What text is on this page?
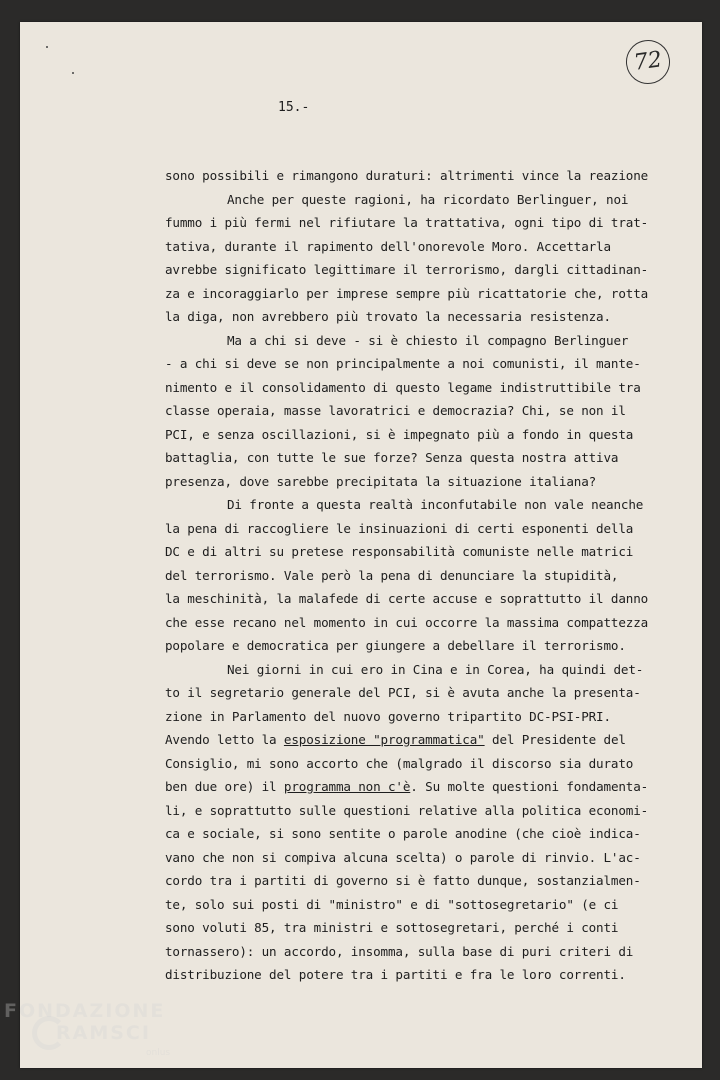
72
15.-
sono possibili e rimangono duraturi: altrimenti vince la reazione
Anche per queste ragioni, ha ricordato Berlinguer, noi
fummo i più fermi nel rifiutare la trattativa, ogni tipo di trat-
tativa, durante il rapimento dell'onorevole Moro. Accettarla
avrebbe significato legittimare il terrorismo, dargli cittadinan-
za e incoraggiarlo per imprese sempre più ricattatorie che, rotta
la diga, non avrebbero più trovato la necessaria resistenza.
Ma a chi si deve - si è chiesto il compagno Berlinguer
- a chi si deve se non principalmente a noi comunisti, il mante-
nimento e il consolidamento di questo legame indistruttibile tra
classe operaia, masse lavoratrici e democrazia? Chi, se non il
PCI, e senza oscillazioni, si è impegnato più a fondo in questa
battaglia, con tutte le sue forze? Senza questa nostra attiva
presenza, dove sarebbe precipitata la situazione italiana?
Di fronte a questa realtà inconfutabile non vale neanche
la pena di raccogliere le insinuazioni di certi esponenti della
DC e di altri su pretese responsabilità comuniste nelle matrici
del terrorismo. Vale però la pena di denunciare la stupidità,
la meschinità, la malafede di certe accuse e soprattutto il danno
che esse recano nel momento in cui occorre la massima compattezza
popolare e democratica per giungere a debellare il terrorismo.
Nei giorni in cui ero in Cina e in Corea, ha quindi det-
to il segretario generale del PCI, si è avuta anche la presenta-
zione in Parlamento del nuovo governo tripartito DC-PSI-PRI.
Avendo letto la esposizione "programmatica" del Presidente del
Consiglio, mi sono accorto che (malgrado il discorso sia durato
ben due ore) il programma non c'è. Su molte questioni fondamenta-
li, e soprattutto sulle questioni relative alla politica economi-
ca e sociale, si sono sentite o parole anodine (che cioè indica-
vano che non si compiva alcuna scelta) o parole di rinvio. L'ac-
cordo tra i partiti di governo si è fatto dunque, sostanzialmen-
te, solo sui posti di "ministro" e di "sottosegretario" (e ci
sono voluti 85, tra ministri e sottosegretari, perché i conti
tornassero): un accordo, insomma, sulla base di puri criteri di
distribuzione del potere tra i partiti e fra le loro correnti.
FONDAZIONE
RAMSCI
onlus
